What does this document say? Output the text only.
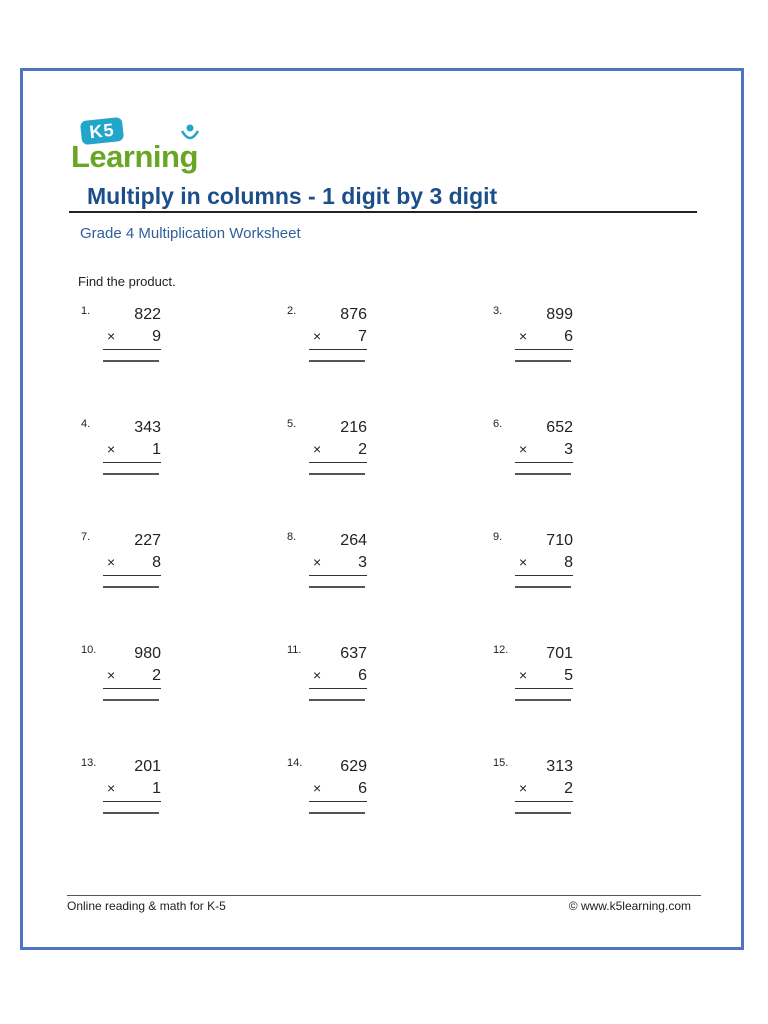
K5
Learning
Multiply in columns - 1 digit by 3 digit
Grade 4 Multiplication Worksheet
Find the product.
1.	822
× 9
2.	876
× 7
3.	899
× 6
4.	343
× 1
5.	216
× 2
6.	652
× 3
7.	227
× 8
8.	264
× 3
9.	710
× 8
10. 980
× 2
11. 637
× 6
12. 701
× 5
13. 201
× 1
14. 629
× 6
15. 313
× 2
Online reading & math for K-5	© www.k5learning.com
